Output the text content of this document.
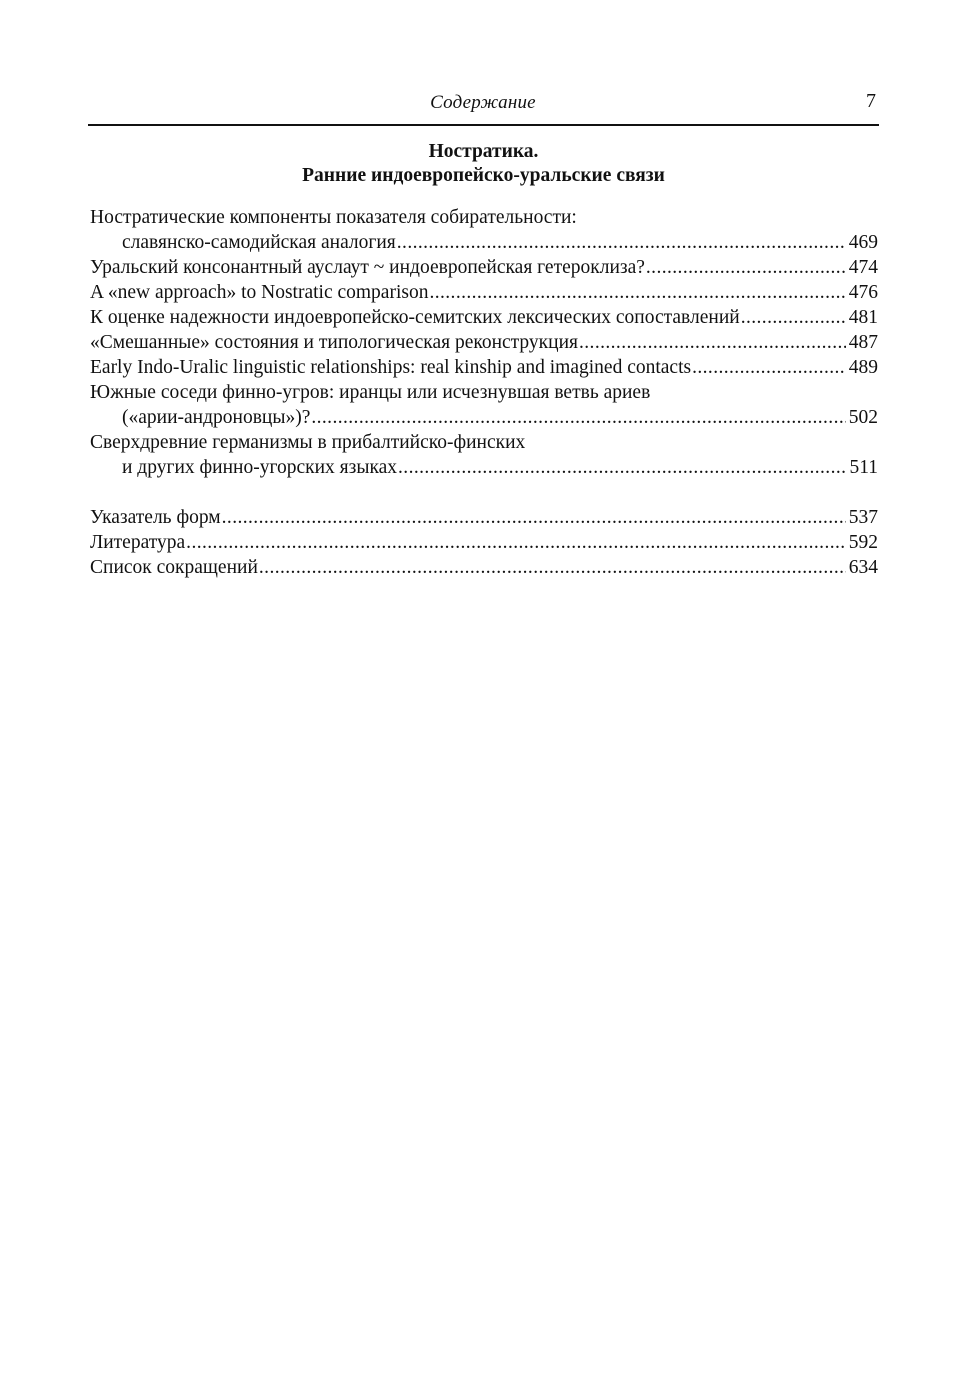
Содержание	7
Ностратика.
Ранние индоевропейско-уральские связи
Ностратические компоненты показателя собирательности:
славянско-самодийская аналогия .....	469
Уральский консонантный ауслаут ~ индоевропейская гетероклиза? .....	474
A «new approach» to Nostratic comparison .....	476
К оценке надежности индоевропейско-семитских лексических сопоставлений .....	481
«Смешанные» состояния и типологическая реконструкция .....	487
Early Indo-Uralic linguistic relationships: real kinship and imagined contacts .....	489
Южные соседи финно-угров: иранцы или исчезнувшая ветвь ариев
(«арии-андроновцы»)? .....	502
Сверхдревние германизмы в прибалтийско-финских
и других финно-угорских языках .....	511
Указатель форм .....	537
Литература .....	592
Список сокращений .....	634
